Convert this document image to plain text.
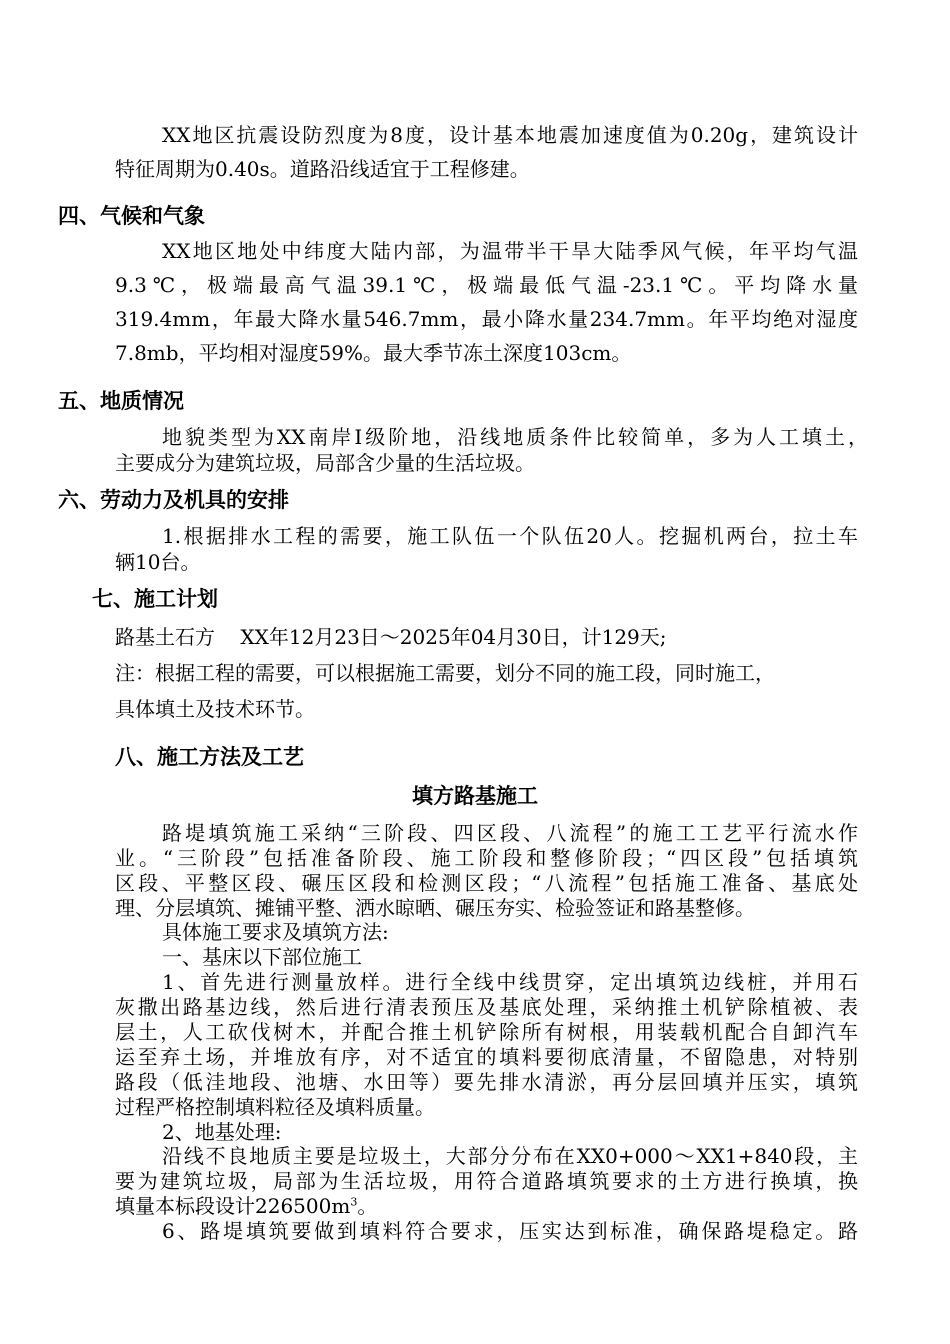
XX地区抗震设防烈度为8度，设计基本地震加速度值为0.20g，建筑设计
特征周期为0.40s。道路沿线适宜于工程修建。
四、气候和气象
XX地区地处中纬度大陆内部，为温带半干旱大陆季风气候，年平均气温
9.3℃，极端最高气温39.1℃，极端最低气温-23.1℃。平均降水量
319.4mm，年最大降水量546.7mm，最小降水量234.7mm。年平均绝对湿度
7.8mb，平均相对湿度59%。最大季节冻土深度103cm。
五、地质情况
地貌类型为XX南岸Ⅰ级阶地，沿线地质条件比较简单，多为人工填土，
主要成分为建筑垃圾，局部含少量的生活垃圾。
六、劳动力及机具的安排
1.根据排水工程的需要，施工队伍一个队伍20人。挖掘机两台，拉土车
辆10台。
七、施工计划
路基土石方    XX年12月23日～2025年04月30日，计129天;
注：根据工程的需要，可以根据施工需要，划分不同的施工段，同时施工，
具体填土及技术环节。
八、施工方法及工艺
填方路基施工
路堤填筑施工采纳“三阶段、四区段、八流程”的施工工艺平行流水作
业。“三阶段”包括准备阶段、施工阶段和整修阶段；“四区段”包括填筑
区段、平整区段、碾压区段和检测区段；“八流程”包括施工准备、基底处
理、分层填筑、摊铺平整、洒水晾晒、碾压夯实、检验签证和路基整修。
具体施工要求及填筑方法:
一、基床以下部位施工
1、首先进行测量放样。进行全线中线贯穿，定出填筑边线桩，并用石
灰撒出路基边线，然后进行清表预压及基底处理，采纳推土机铲除植被、表
层土，人工砍伐树木，并配合推土机铲除所有树根，用装载机配合自卸汽车
运至弃土场，并堆放有序，对不适宜的填料要彻底清量，不留隐患，对特别
路段（低洼地段、池塘、水田等）要先排水清淤，再分层回填并压实，填筑
过程严格控制填料粒径及填料质量。
2、地基处理:
沿线不良地质主要是垃圾土，大部分分布在XX0+000～XX1+840段，主
要为建筑垃圾，局部为生活垃圾，用符合道路填筑要求的土方进行换填，换
填量本标段设计$226500m^3$。
6、路堤填筑要做到填料符合要求，压实达到标准，确保路堤稳定。路
